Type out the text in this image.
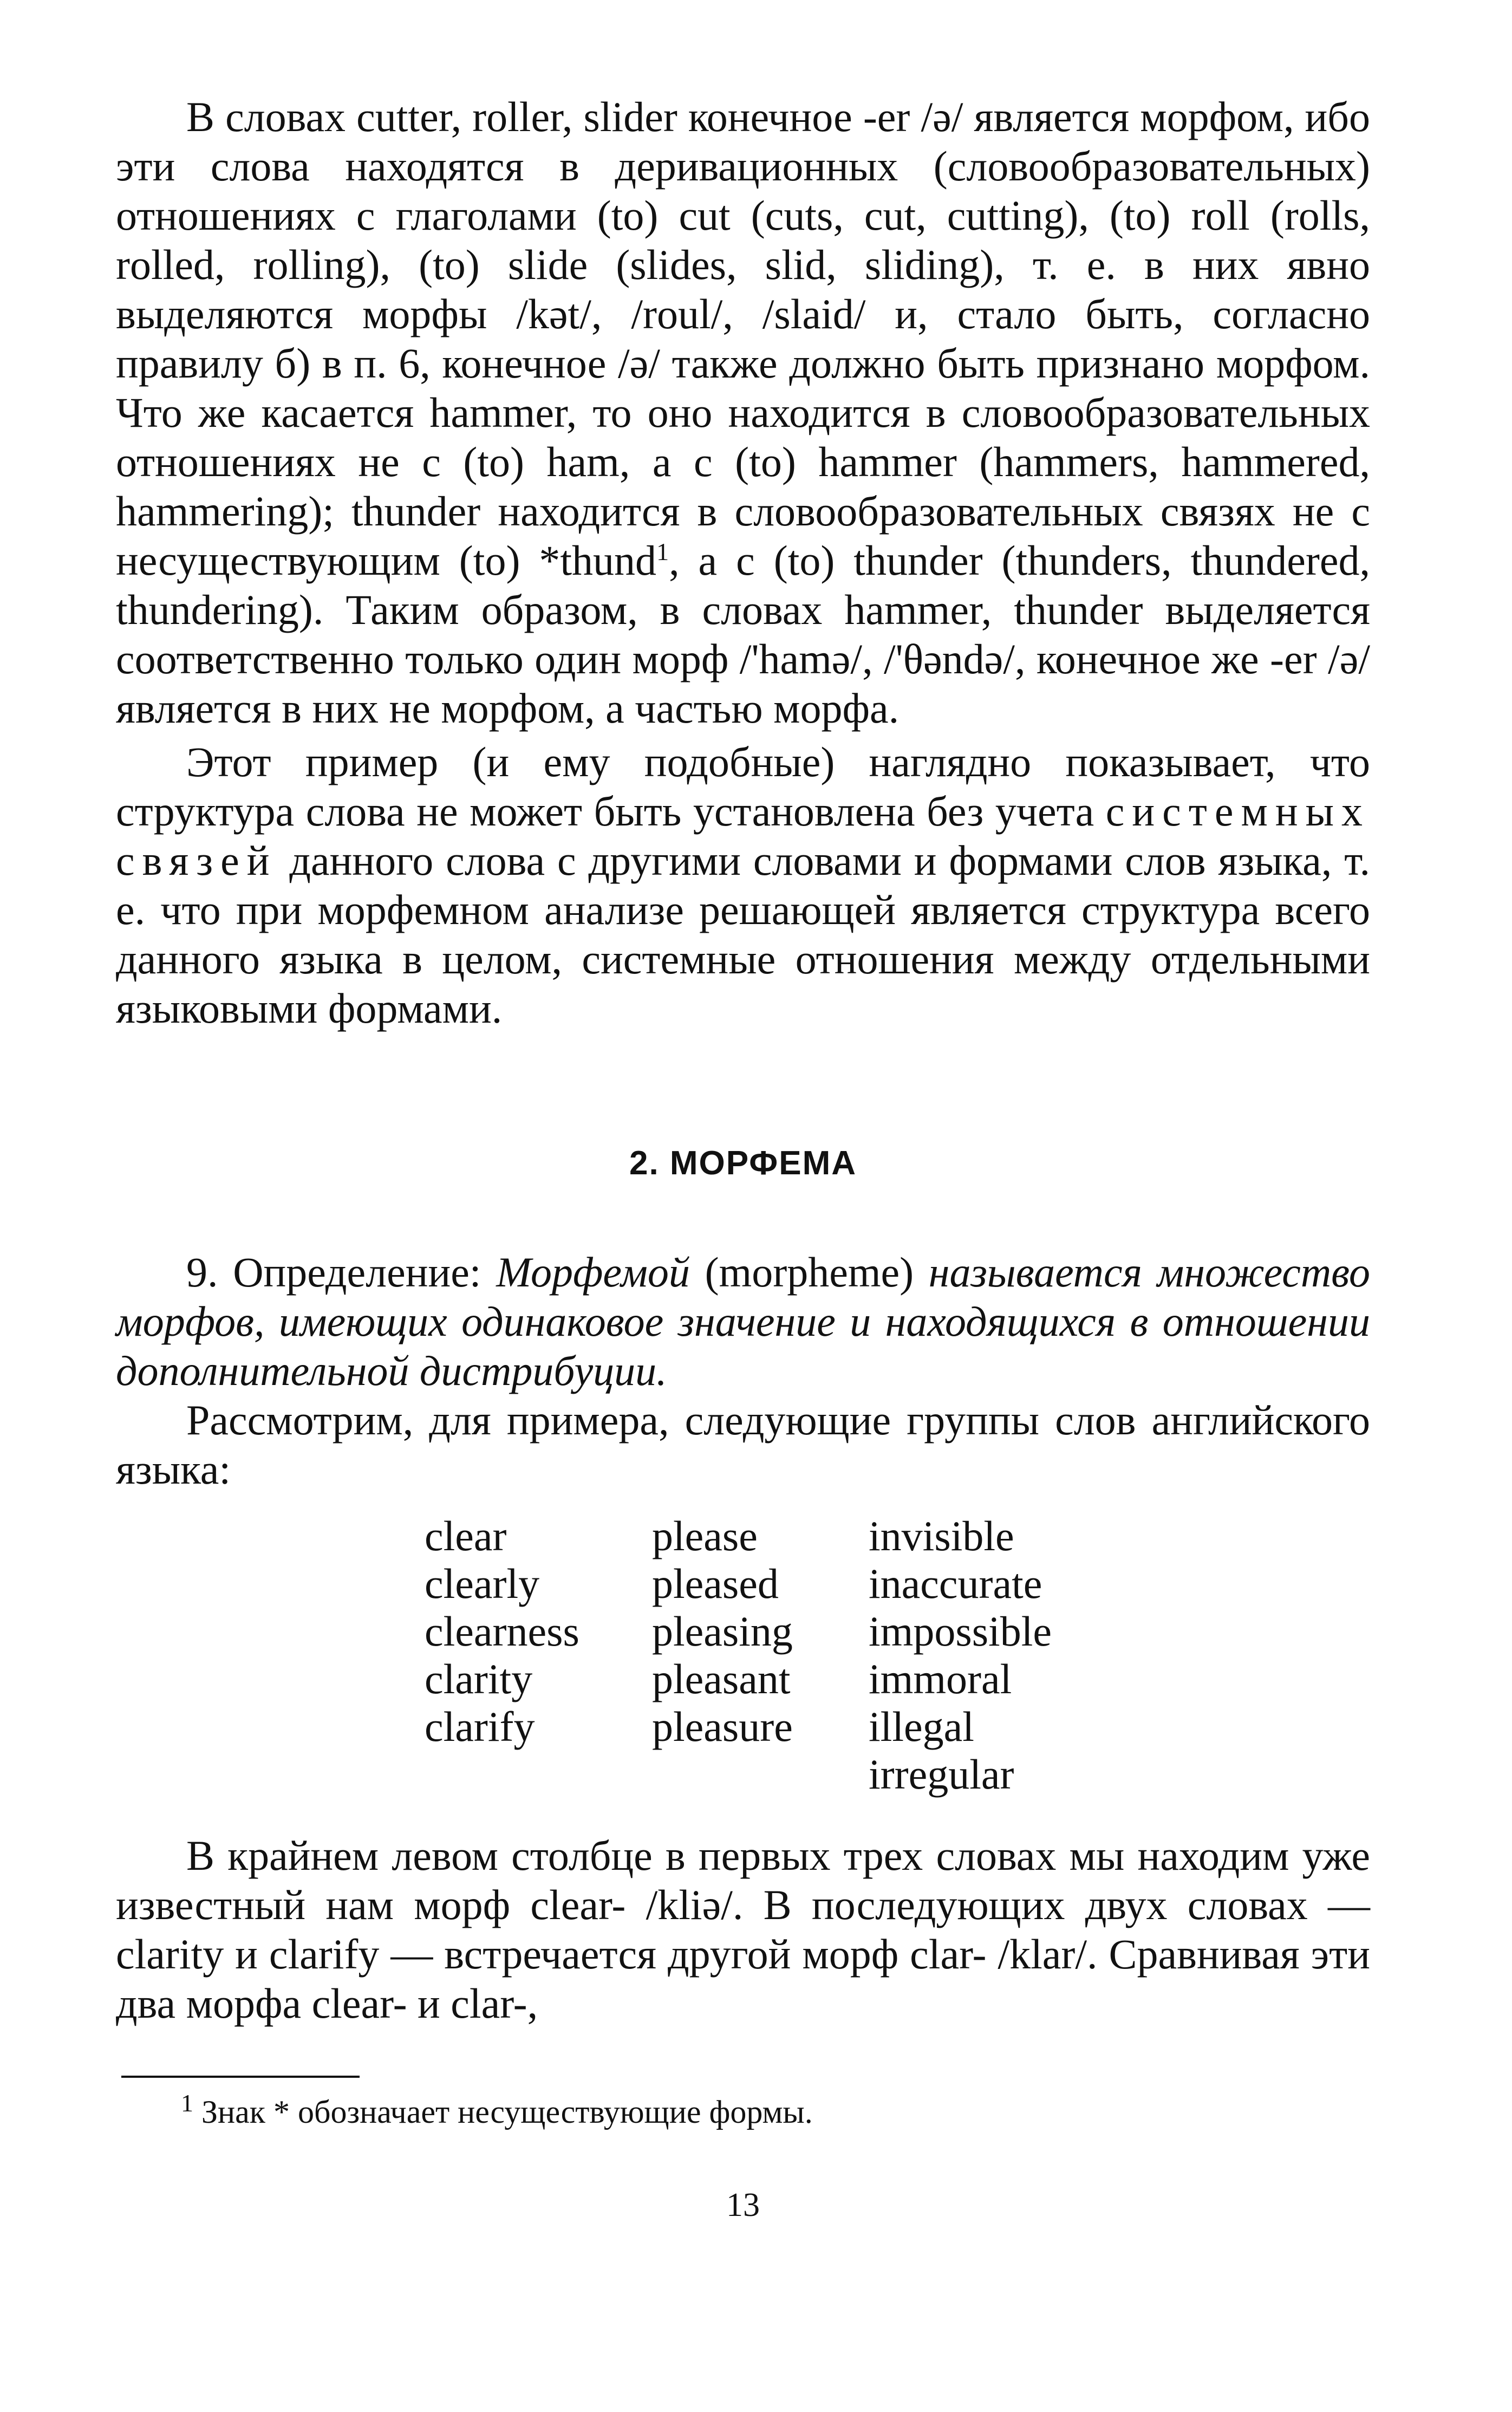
В словах cutter, roller, slider конечное -er /ə/ является морфом, ибо эти слова находятся в деривационных (словообразовательных) отношениях с глаголами (to) cut (cuts, cut, cutting), (to) roll (rolls, rolled, rolling), (to) slide (slides, slid, sliding), т. е. в них явно выделяются морфы /kət/, /roul/, /slaid/ и, стало быть, согласно правилу б) в п. 6, конечное /ə/ также должно быть признано морфом. Что же касается hammer, то оно находится в словообразовательных отношениях не с (to) ham, а с (to) hammer (hammers, hammered, hammering); thunder находится в словообразовательных связях не с несуществующим (to) *thund$^1$, а с (to) thunder (thunders, thundered, thundering). Таким образом, в словах hammer, thunder выделяется соответственно только один морф /'hamə/, /'θəndə/, конечное же -er /ə/ является в них не морфом, а частью морфа.

Этот пример (и ему подобные) наглядно показывает, что структура слова не может быть установлена без учета системных связей данного слова с другими словами и формами слов языка, т. е. что при морфемном анализе решающей является структура всего данного языка в целом, системные отношения между отдельными языковыми формами.

2. МОРФЕМА

9. Определение: Морфемой (morpheme) называется множество морфов, имеющих одинаковое значение и находящихся в отношении дополнительной дистрибуции.

Рассмотрим, для примера, следующие группы слов английского языка:

clear
clearly
clearness
clarity
clarify
please
pleased
pleasing
pleasant
pleasure
invisible
inaccurate
impossible
immoral
illegal
irregular

В крайнем левом столбце в первых трех словах мы находим уже известный нам морф clear- /kliə/. В последующих двух словах — clarity и clarify — встречается другой морф clar- /klar/. Сравнивая эти два морфа clear- и clar-,

$^1$ Знак * обозначает несуществующие формы.
13
